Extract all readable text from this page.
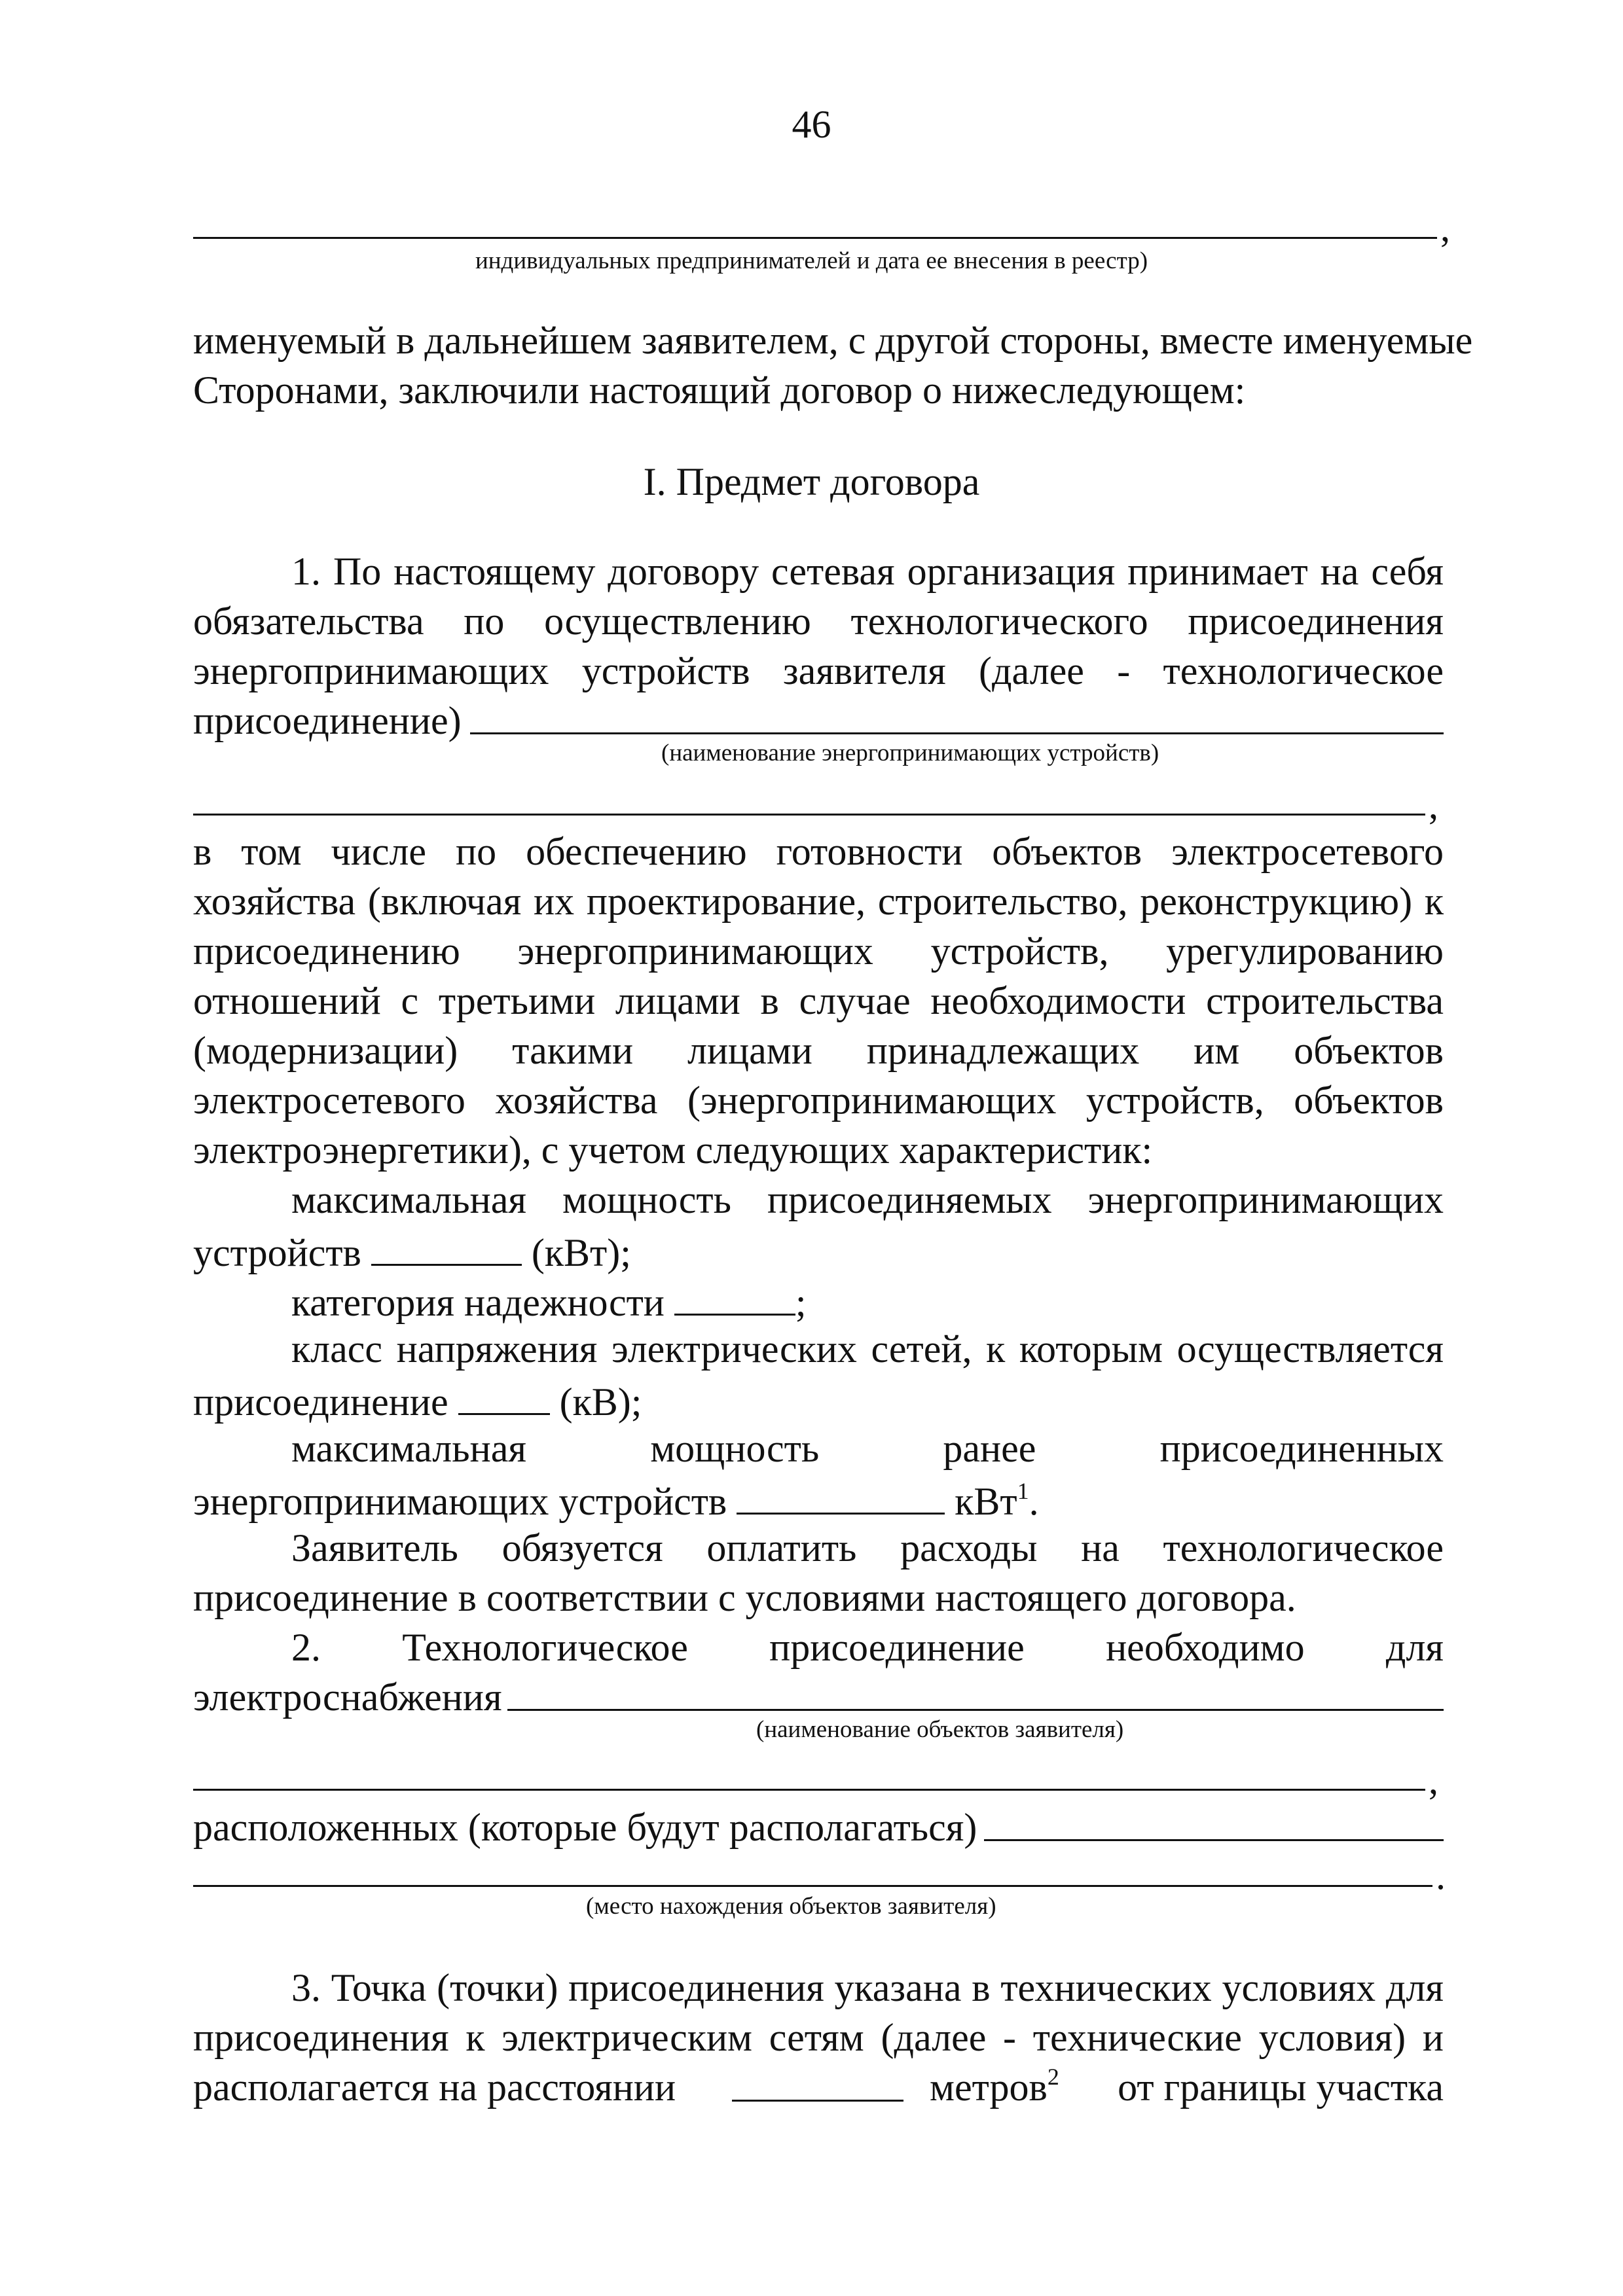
46
,
индивидуальных предпринимателей и дата ее внесения в реестр)
именуемый в дальнейшем заявителем, с другой стороны, вместе именуемые
Сторонами, заключили настоящий договор о нижеследующем:
I. Предмет договора
1. По настоящему договору сетевая организация принимает на себя
обязательства по осуществлению технологического присоединения
энергопринимающих устройств заявителя (далее - технологическое
присоединение)
(наименование энергопринимающих устройств)
,
в том числе по обеспечению готовности объектов электросетевого
хозяйства (включая их проектирование, строительство, реконструкцию) к
присоединению энергопринимающих устройств, урегулированию
отношений с третьими лицами в случае необходимости строительства
(модернизации) такими лицами принадлежащих им объектов
электросетевого хозяйства (энергопринимающих устройств, объектов
электроэнергетики), с учетом следующих характеристик:
максимальная мощность присоединяемых энергопринимающих
устройств	(кВт);
категория надежности	;
класс напряжения электрических сетей, к которым осуществляется
присоединение	(кВ);
максимальная мощность ранее присоединенных
энергопринимающих устройств	кВт$^1$.
Заявитель обязуется оплатить расходы на технологическое
присоединение в соответствии с условиями настоящего договора.
2. Технологическое присоединение необходимо для
электроснабжения
(наименование объектов заявителя)
,
расположенных (которые будут располагаться)
.
(место нахождения объектов заявителя)
3. Точка (точки) присоединения указана в технических условиях для
присоединения к электрическим сетям (далее - технические условия) и
располагается на расстоянии	метров$^2$ от границы участка
